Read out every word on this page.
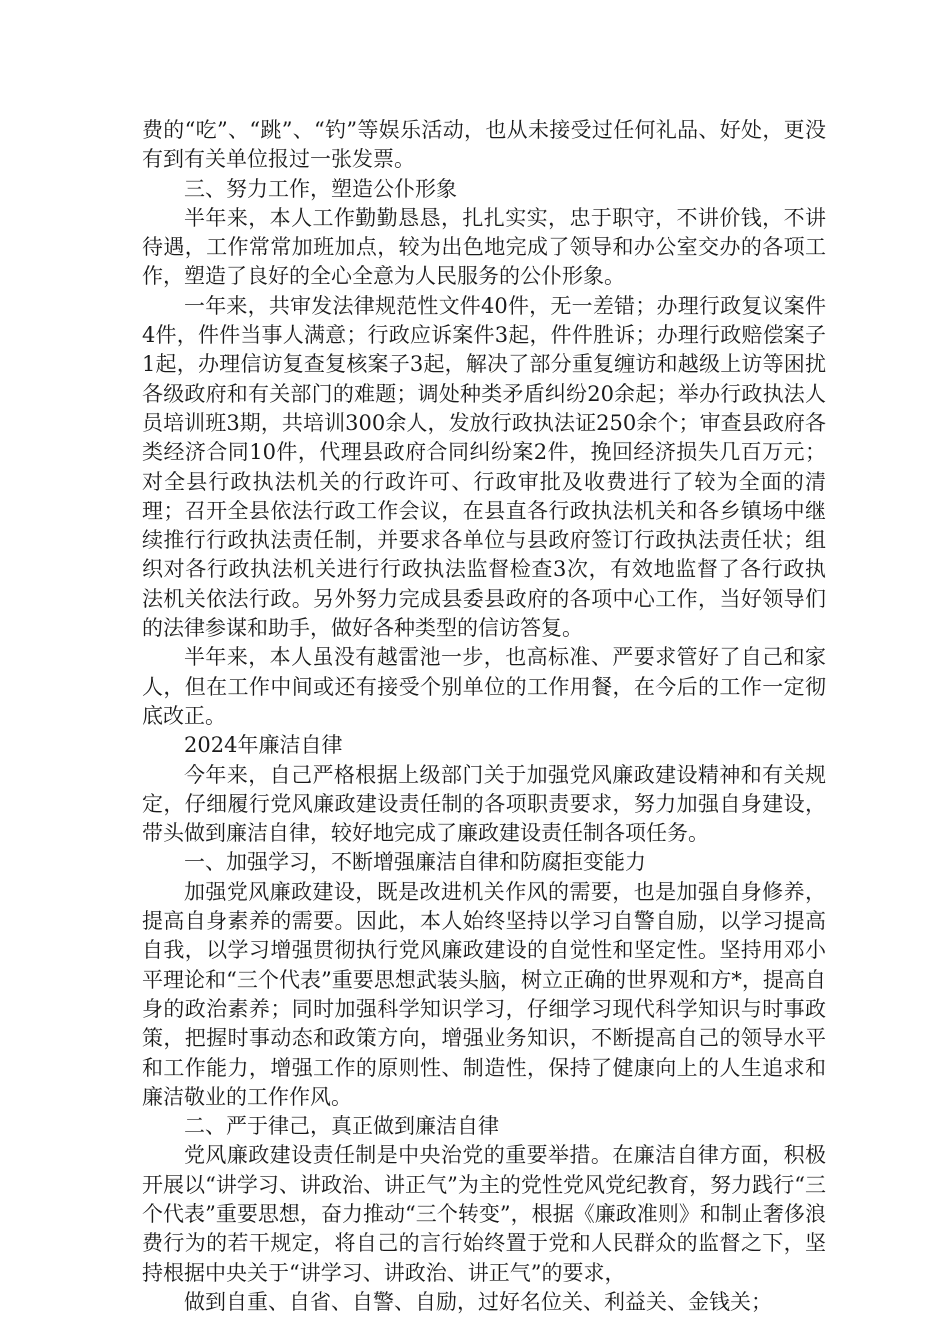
费的“吃”、“跳”、“钓”等娱乐活动，也从未接受过任何礼品、好处，更没有到有关单位报过一张发票。

三、努力工作，塑造公仆形象

半年来，本人工作勤勤恳恳，扎扎实实，忠于职守，不讲价钱，不讲待遇，工作常常加班加点，较为出色地完成了领导和办公室交办的各项工作，塑造了良好的全心全意为人民服务的公仆形象。

一年来，共审发法律规范性文件40件，无一差错；办理行政复议案件4件，件件当事人满意；行政应诉案件3起，件件胜诉；办理行政赔偿案子1起，办理信访复查复核案子3起，解决了部分重复缠访和越级上访等困扰各级政府和有关部门的难题；调处种类矛盾纠纷20余起；举办行政执法人员培训班3期，共培训300余人，发放行政执法证250余个；审查县政府各类经济合同10件，代理县政府合同纠纷案2件，挽回经济损失几百万元；对全县行政执法机关的行政许可、行政审批及收费进行了较为全面的清理；召开全县依法行政工作会议，在县直各行政执法机关和各乡镇场中继续推行行政执法责任制，并要求各单位与县政府签订行政执法责任状；组织对各行政执法机关进行行政执法监督检查3次，有效地监督了各行政执法机关依法行政。另外努力完成县委县政府的各项中心工作，当好领导们的法律参谋和助手，做好各种类型的信访答复。

半年来，本人虽没有越雷池一步，也高标准、严要求管好了自己和家人，但在工作中间或还有接受个别单位的工作用餐，在今后的工作一定彻底改正。

2024年廉洁自律

今年来，自己严格根据上级部门关于加强党风廉政建设精神和有关规定，仔细履行党风廉政建设责任制的各项职责要求，努力加强自身建设，带头做到廉洁自律，较好地完成了廉政建设责任制各项任务。

一、加强学习，不断增强廉洁自律和防腐拒变能力

加强党风廉政建设，既是改进机关作风的需要，也是加强自身修养，提高自身素养的需要。因此，本人始终坚持以学习自警自励，以学习提高自我，以学习增强贯彻执行党风廉政建设的自觉性和坚定性。坚持用邓小平理论和“三个代表”重要思想武装头脑，树立正确的世界观和方*，提高自身的政治素养；同时加强科学知识学习，仔细学习现代科学知识与时事政策，把握时事动态和政策方向，增强业务知识，不断提高自己的领导水平和工作能力，增强工作的原则性、制造性，保持了健康向上的人生追求和廉洁敬业的工作作风。

二、严于律己，真正做到廉洁自律

党风廉政建设责任制是中央治党的重要举措。在廉洁自律方面，积极开展以“讲学习、讲政治、讲正气”为主的党性党风党纪教育，努力践行“三个代表”重要思想，奋力推动“三个转变”，根据《廉政准则》和制止奢侈浪费行为的若干规定，将自己的言行始终置于党和人民群众的监督之下，坚持根据中央关于“讲学习、讲政治、讲正气”的要求，

做到自重、自省、自警、自励，过好名位关、利益关、金钱关；
